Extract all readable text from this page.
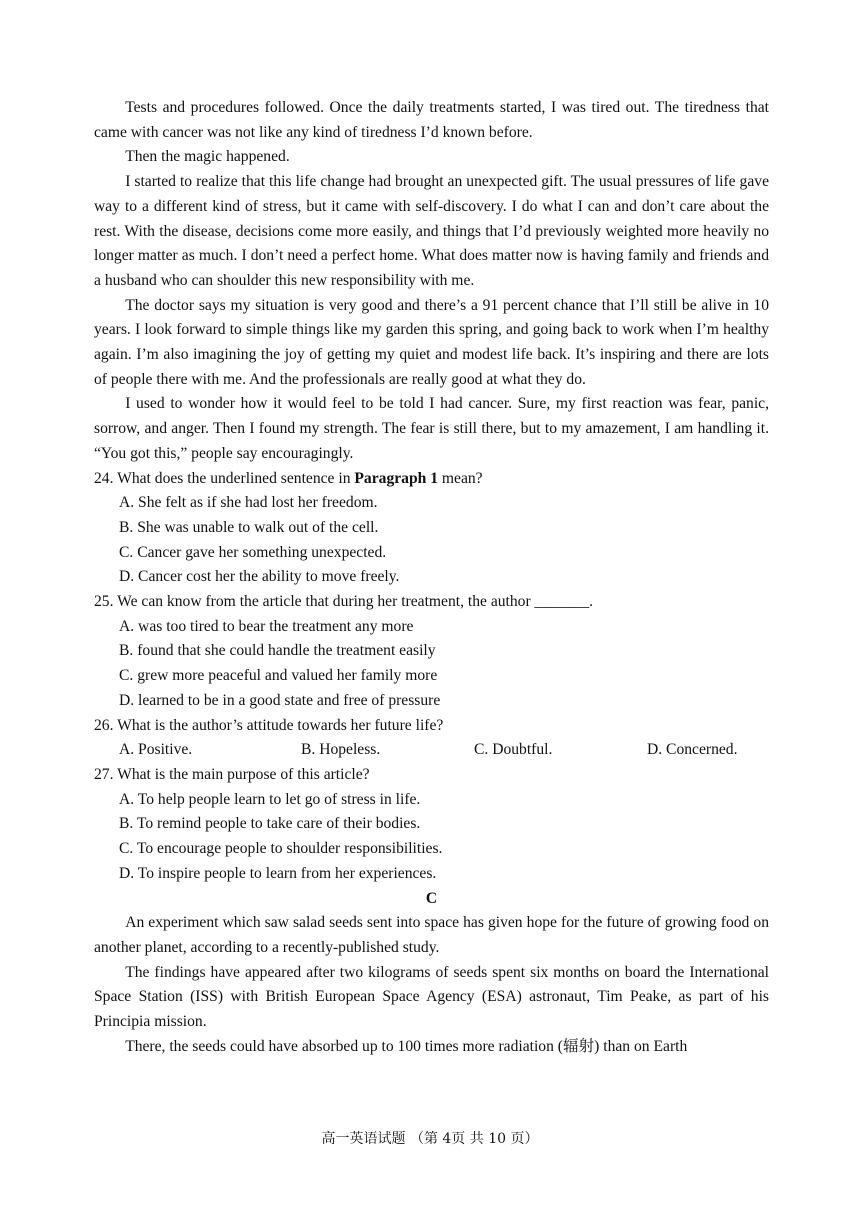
Tests and procedures followed. Once the daily treatments started, I was tired out. The tiredness that came with cancer was not like any kind of tiredness I’d known before.

Then the magic happened.

I started to realize that this life change had brought an unexpected gift. The usual pressures of life gave way to a different kind of stress, but it came with self-discovery. I do what I can and don’t care about the rest. With the disease, decisions come more easily, and things that I’d previously weighted more heavily no longer matter as much. I don’t need a perfect home. What does matter now is having family and friends and a husband who can shoulder this new responsibility with me.

The doctor says my situation is very good and there’s a 91 percent chance that I’ll still be alive in 10 years. I look forward to simple things like my garden this spring, and going back to work when I’m healthy again. I’m also imagining the joy of getting my quiet and modest life back. It’s inspiring and there are lots of people there with me. And the professionals are really good at what they do.

I used to wonder how it would feel to be told I had cancer. Sure, my first reaction was fear, panic, sorrow, and anger. Then I found my strength. The fear is still there, but to my amazement, I am handling it. “You got this,” people say encouragingly.

24. What does the underlined sentence in Paragraph 1 mean?

A. She felt as if she had lost her freedom.

B. She was unable to walk out of the cell.

C. Cancer gave her something unexpected.

D. Cancer cost her the ability to move freely.

25. We can know from the article that during her treatment, the author _______.

A. was too tired to bear the treatment any more

B. found that she could handle the treatment easily

C. grew more peaceful and valued her family more

D. learned to be in a good state and free of pressure

26. What is the author’s attitude towards her future life?

A. Positive.	B. Hopeless.	C. Doubtful.	D. Concerned.

27. What is the main purpose of this article?

A. To help people learn to let go of stress in life.

B. To remind people to take care of their bodies.

C. To encourage people to shoulder responsibilities.

D. To inspire people to learn from her experiences.

C

An experiment which saw salad seeds sent into space has given hope for the future of growing food on another planet, according to a recently-published study.

The findings have appeared after two kilograms of seeds spent six months on board the International Space Station (ISS) with British European Space Agency (ESA) astronaut, Tim Peake, as part of his Principia mission.

There, the seeds could have absorbed up to 100 times more radiation (辐射) than on Earth

高一英语试题 （第 4页 共 10 页）
